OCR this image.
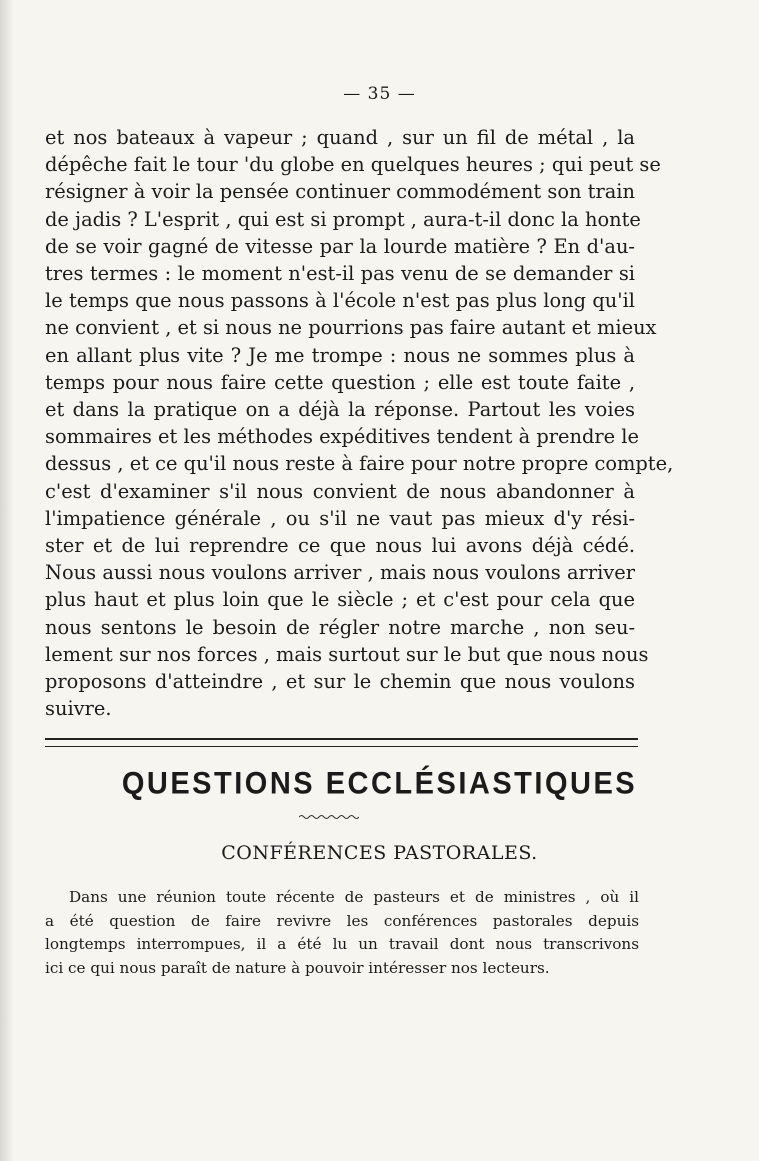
— 35 —
et nos bateaux à vapeur ; quand , sur un fil de métal , la
dépêche fait le tour 'du globe en quelques heures ; qui peut se
résigner à voir la pensée continuer commodément son train
de jadis ? L'esprit , qui est si prompt , aura-t-il donc la honte
de se voir gagné de vitesse par la lourde matière ? En d'au-
tres termes : le moment n'est-il pas venu de se demander si
le temps que nous passons à l'école n'est pas plus long qu'il
ne convient , et si nous ne pourrions pas faire autant et mieux
en allant plus vite ? Je me trompe : nous ne sommes plus à
temps pour nous faire cette question ; elle est toute faite ,
et dans la pratique on a déjà la réponse. Partout les voies
sommaires et les méthodes expéditives tendent à prendre le
dessus , et ce qu'il nous reste à faire pour notre propre compte,
c'est d'examiner s'il nous convient de nous abandonner à
l'impatience générale , ou s'il ne vaut pas mieux d'y rési-
ster et de lui reprendre ce que nous lui avons déjà cédé.
Nous aussi nous voulons arriver , mais nous voulons arriver
plus haut et plus loin que le siècle ; et c'est pour cela que
nous sentons le besoin de régler notre marche , non seu-
lement sur nos forces , mais surtout sur le but que nous nous
proposons d'atteindre , et sur le chemin que nous voulons
suivre.
QUESTIONS ECCLÉSIASTIQUES
CONFÉRENCES PASTORALES.
Dans une réunion toute récente de pasteurs et de ministres , où il
a été question de faire revivre les conférences pastorales depuis
longtemps interrompues, il a été lu un travail dont nous transcrivons
ici ce qui nous paraît de nature à pouvoir intéresser nos lecteurs.
